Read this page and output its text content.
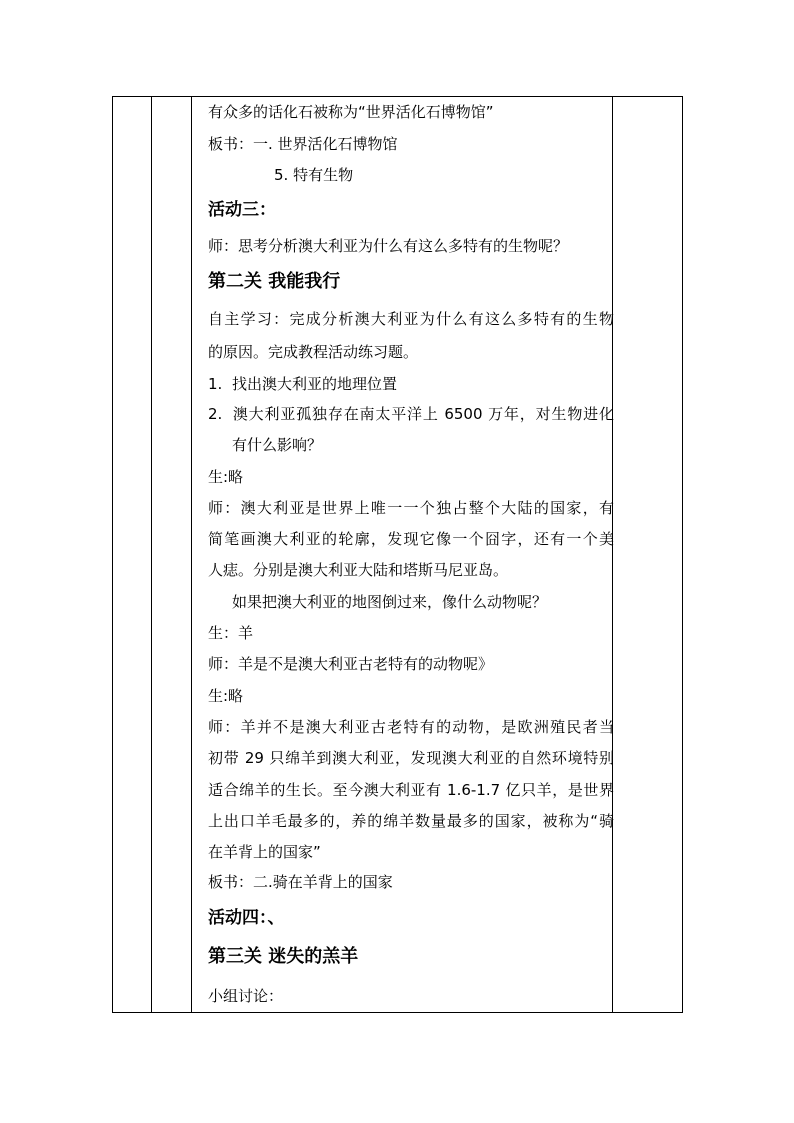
有众多的话化石被称为“世界活化石博物馆”
板书：一. 世界活化石博物馆
5. 特有生物
活动三：
师：思考分析澳大利亚为什么有这么多特有的生物呢？
第二关 我能我行
自主学习：完成分析澳大利亚为什么有这么多特有的生物
的原因。完成教程活动练习题。
1. 找出澳大利亚的地理位置
2. 澳大利亚孤独存在南太平洋上 6500 万年，对生物进化
有什么影响？
生:略
师：澳大利亚是世界上唯一一个独占整个大陆的国家，有
简笔画澳大利亚的轮廓，发现它像一个囧字，还有一个美
人痣。分别是澳大利亚大陆和塔斯马尼亚岛。
如果把澳大利亚的地图倒过来，像什么动物呢？
生：羊
师：羊是不是澳大利亚古老特有的动物呢》
生:略
师：羊并不是澳大利亚古老特有的动物，是欧洲殖民者当
初带 29 只绵羊到澳大利亚，发现澳大利亚的自然环境特别
适合绵羊的生长。至今澳大利亚有 1.6-1.7 亿只羊，是世界
上出口羊毛最多的，养的绵羊数量最多的国家，被称为“骑
在羊背上的国家”
板书：二.骑在羊背上的国家
活动四：、
第三关 迷失的羔羊
小组讨论：
